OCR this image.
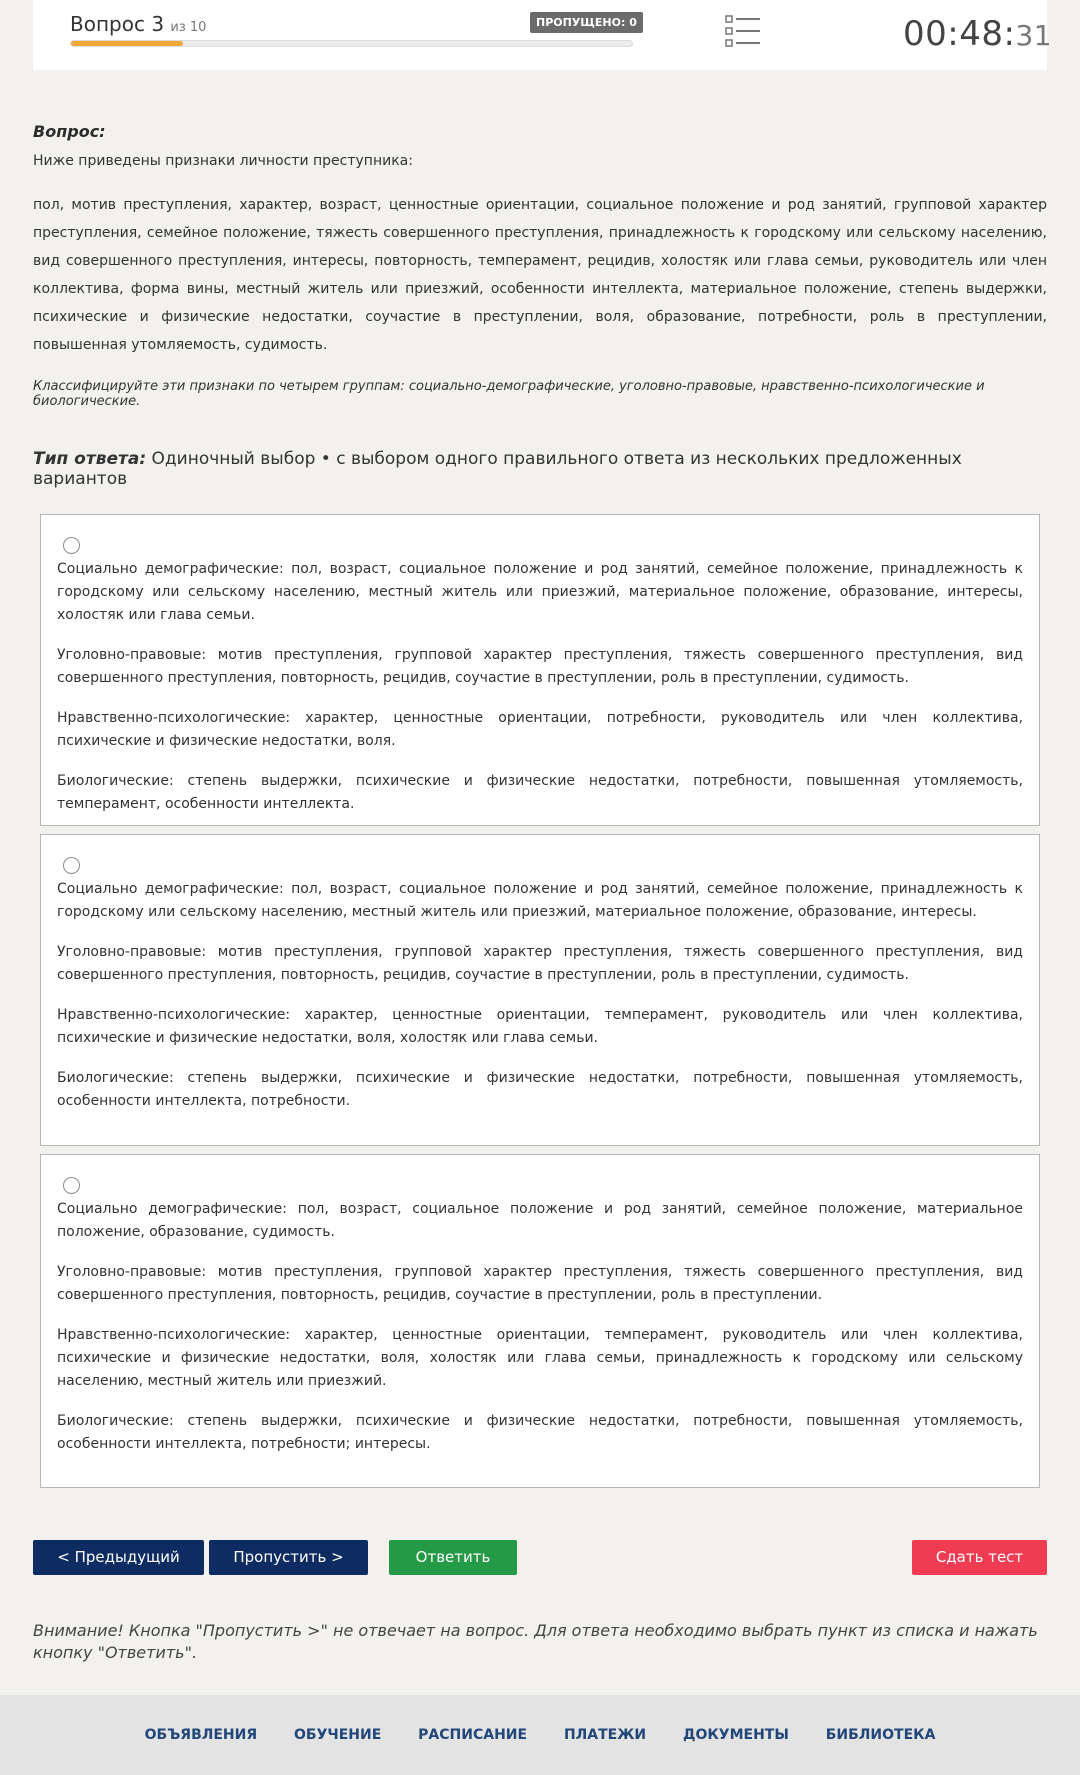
Вопрос 3 из 10	ПРОПУЩЕНО: 0	00:48:31
Вопрос:
Ниже приведены признаки личности преступника:
пол, мотив преступления, характер, возраст, ценностные ориентации, социальное положение и род занятий, групповой характер преступления, семейное положение, тяжесть совершенного преступления, принадлежность к городскому или сельскому населению, вид совершенного преступления, интересы, повторность, темперамент, рецидив, холостяк или глава семьи, руководитель или член коллектива, форма вины, местный житель или приезжий, особенности интеллекта, материальное положение, степень выдержки, психические и физические недостатки, соучастие в преступлении, воля, образование, потребности, роль в преступлении, повышенная утомляемость, судимость.
Классифицируйте эти признаки по четырем группам: социально-демографические, уголовно-правовые, нравственно-психологические и биологические.
Тип ответа: Одиночный выбор • с выбором одного правильного ответа из нескольких предложенных вариантов

Социально демографические: пол, возраст, социальное положение и род занятий, семейное положение, принадлежность к городскому или сельскому населению, местный житель или приезжий, материальное положение, образование, интересы, холостяк или глава семьи.

Уголовно-правовые: мотив преступления, групповой характер преступления, тяжесть совершенного преступления, вид совершенного преступления, повторность, рецидив, соучастие в преступлении, роль в преступлении, судимость.

Нравственно-психологические: характер, ценностные ориентации, потребности, руководитель или член коллектива, психические и физические недостатки, воля.

Биологические: степень выдержки, психические и физические недостатки, потребности, повышенная утомляемость, темперамент, особенности интеллекта.

Социально демографические: пол, возраст, социальное положение и род занятий, семейное положение, принадлежность к городскому или сельскому населению, местный житель или приезжий, материальное положение, образование, интересы.

Уголовно-правовые: мотив преступления, групповой характер преступления, тяжесть совершенного преступления, вид совершенного преступления, повторность, рецидив, соучастие в преступлении, роль в преступлении, судимость.

Нравственно-психологические: характер, ценностные ориентации, темперамент, руководитель или член коллектива, психические и физические недостатки, воля, холостяк или глава семьи.

Биологические: степень выдержки, психические и физические недостатки, потребности, повышенная утомляемость, особенности интеллекта, потребности.

Социально демографические: пол, возраст, социальное положение и род занятий, семейное положение, материальное положение, образование, судимость.

Уголовно-правовые: мотив преступления, групповой характер преступления, тяжесть совершенного преступления, вид совершенного преступления, повторность, рецидив, соучастие в преступлении, роль в преступлении.

Нравственно-психологические: характер, ценностные ориентации, темперамент, руководитель или член коллектива, психические и физические недостатки, воля, холостяк или глава семьи, принадлежность к городскому или сельскому населению, местный житель или приезжий.

Биологические: степень выдержки, психические и физические недостатки, потребности, повышенная утомляемость, особенности интеллекта, потребности; интересы.

< Предыдущий	Пропустить >	Ответить	Сдать тест
Внимание! Кнопка "Пропустить >" не отвечает на вопрос. Для ответа необходимо выбрать пункт из списка и нажать кнопку "Ответить".
ОБЪЯВЛЕНИЯ	ОБУЧЕНИЕ	РАСПИСАНИЕ	ПЛАТЕЖИ	ДОКУМЕНТЫ	БИБЛИОТЕКА
